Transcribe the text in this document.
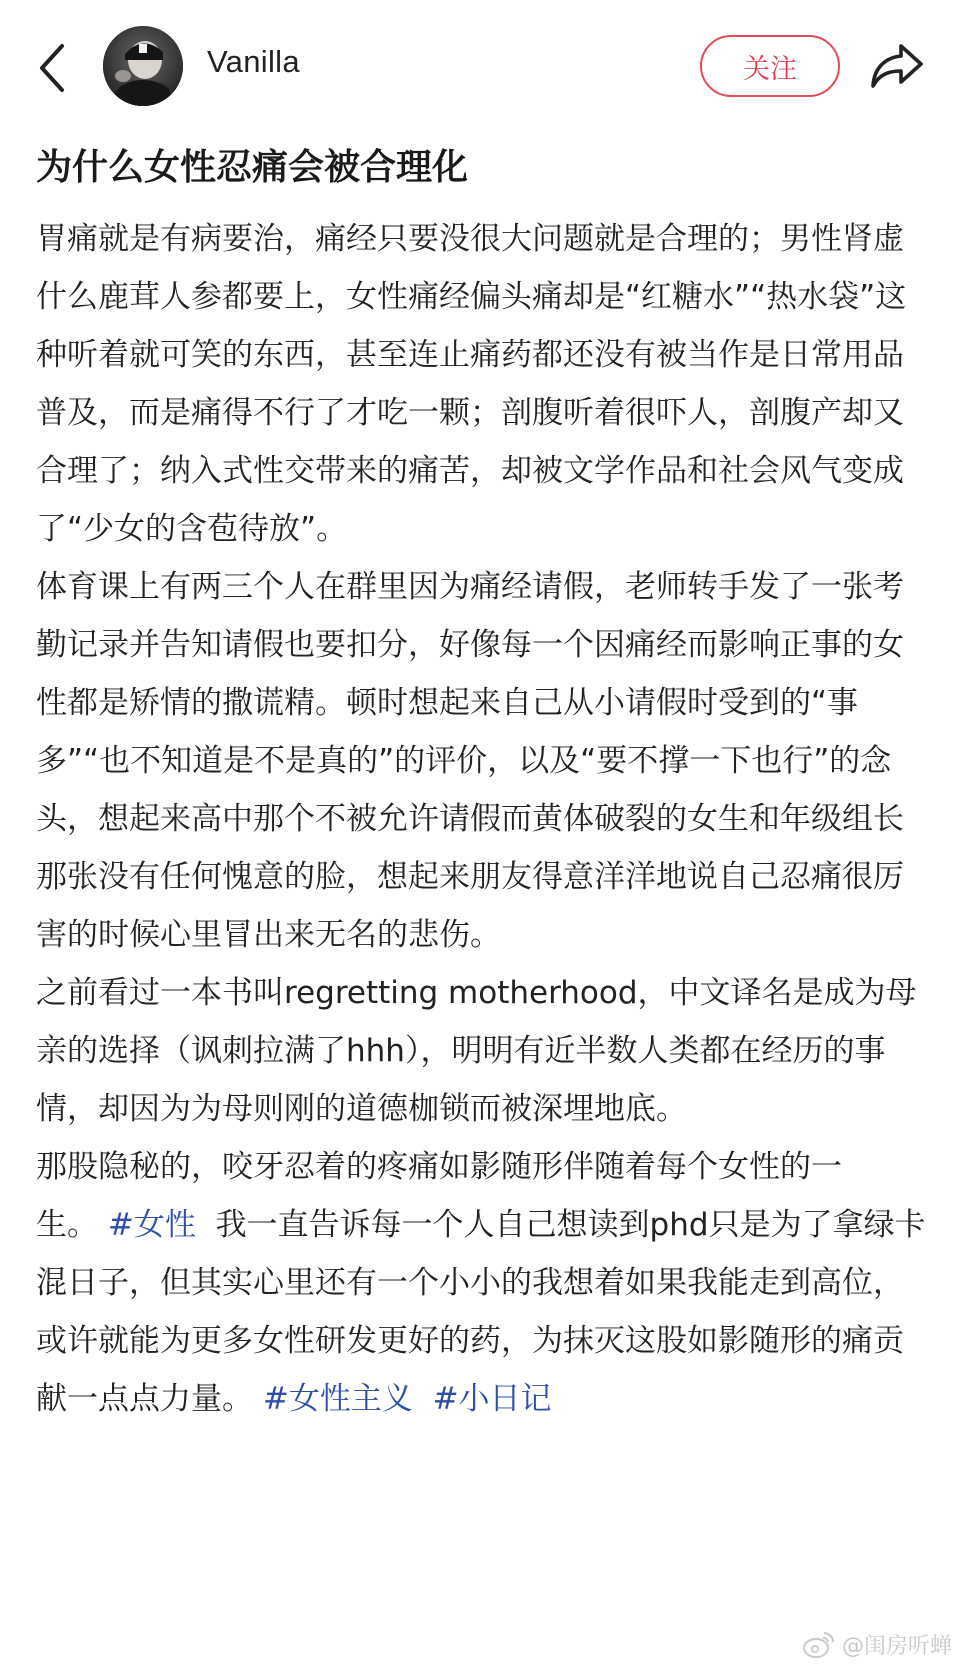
Vanilla	关注
为什么女性忍痛会被合理化

胃痛就是有病要治，痛经只要没很大问题就是合理的；男性肾虚什么鹿茸人参都要上，女性痛经偏头痛却是“红糖水”“热水袋”这种听着就可笑的东西，甚至连止痛药都还没有被当作是日常用品普及，而是痛得不行了才吃一颗；剖腹听着很吓人，剖腹产却又合理了；纳入式性交带来的痛苦，却被文学作品和社会风气变成了“少女的含苞待放”。

体育课上有两三个人在群里因为痛经请假，老师转手发了一张考勤记录并告知请假也要扣分，好像每一个因痛经而影响正事的女性都是矫情的撒谎精。顿时想起来自己从小请假时受到的“事多”“也不知道是不是真的”的评价，以及“要不撑一下也行”的念头，想起来高中那个不被允许请假而黄体破裂的女生和年级组长那张没有任何愧意的脸，想起来朋友得意洋洋地说自己忍痛很厉害的时候心里冒出来无名的悲伤。

之前看过一本书叫regretting motherhood，中文译名是成为母亲的选择（讽刺拉满了hhh），明明有近半数人类都在经历的事情，却因为为母则刚的道德枷锁而被深埋地底。

那股隐秘的，咬牙忍着的疼痛如影随形伴随着每个女性的一生。 #女性 我一直告诉每一个人自己想读到phd只是为了拿绿卡混日子，但其实心里还有一个小小的我想着如果我能走到高位，或许就能为更多女性研发更好的药，为抹灭这股如影随形的痛贡献一点点力量。 #女性主义 #小日记

@闺房听蝉
